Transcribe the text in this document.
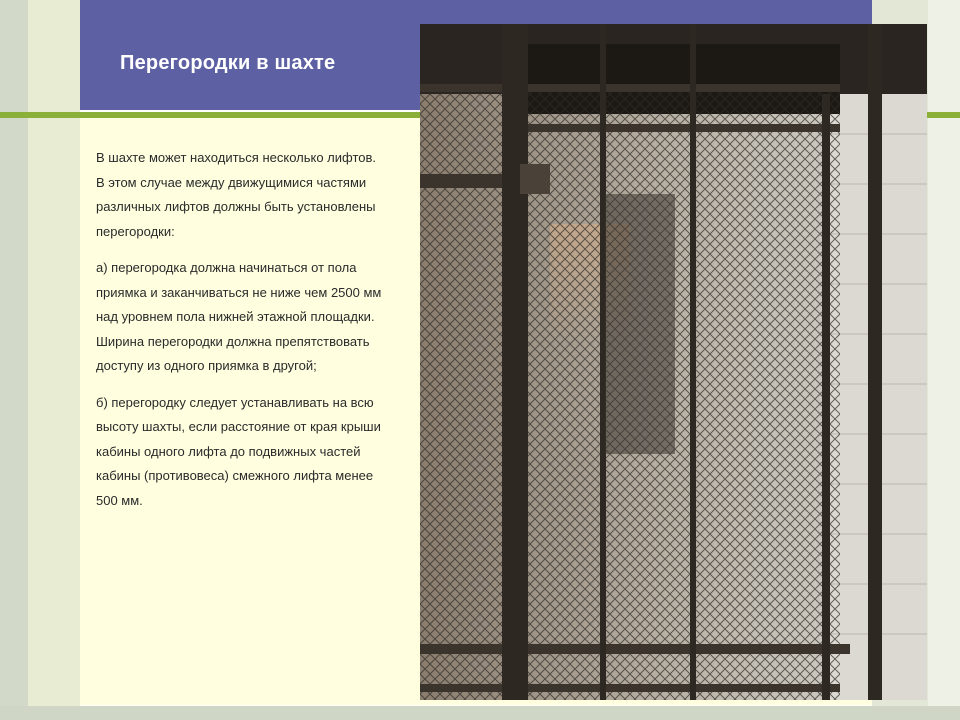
Перегородки в шахте

В шахте может находиться несколько лифтов. В этом случае между движущимися частями различных лифтов должны быть установлены перегородки:

а) перегородка должна начинаться от пола приямка и заканчиваться не ниже чем 2500 мм над уровнем пола нижней этажной площадки. Ширина перегородки должна препятствовать доступу из одного приямка в другой;

б) перегородку следует устанавливать на всю высоту шахты, если расстояние от края крыши кабины одного лифта до подвижных частей кабины (противовеса) смежного лифта менее 500 мм.
